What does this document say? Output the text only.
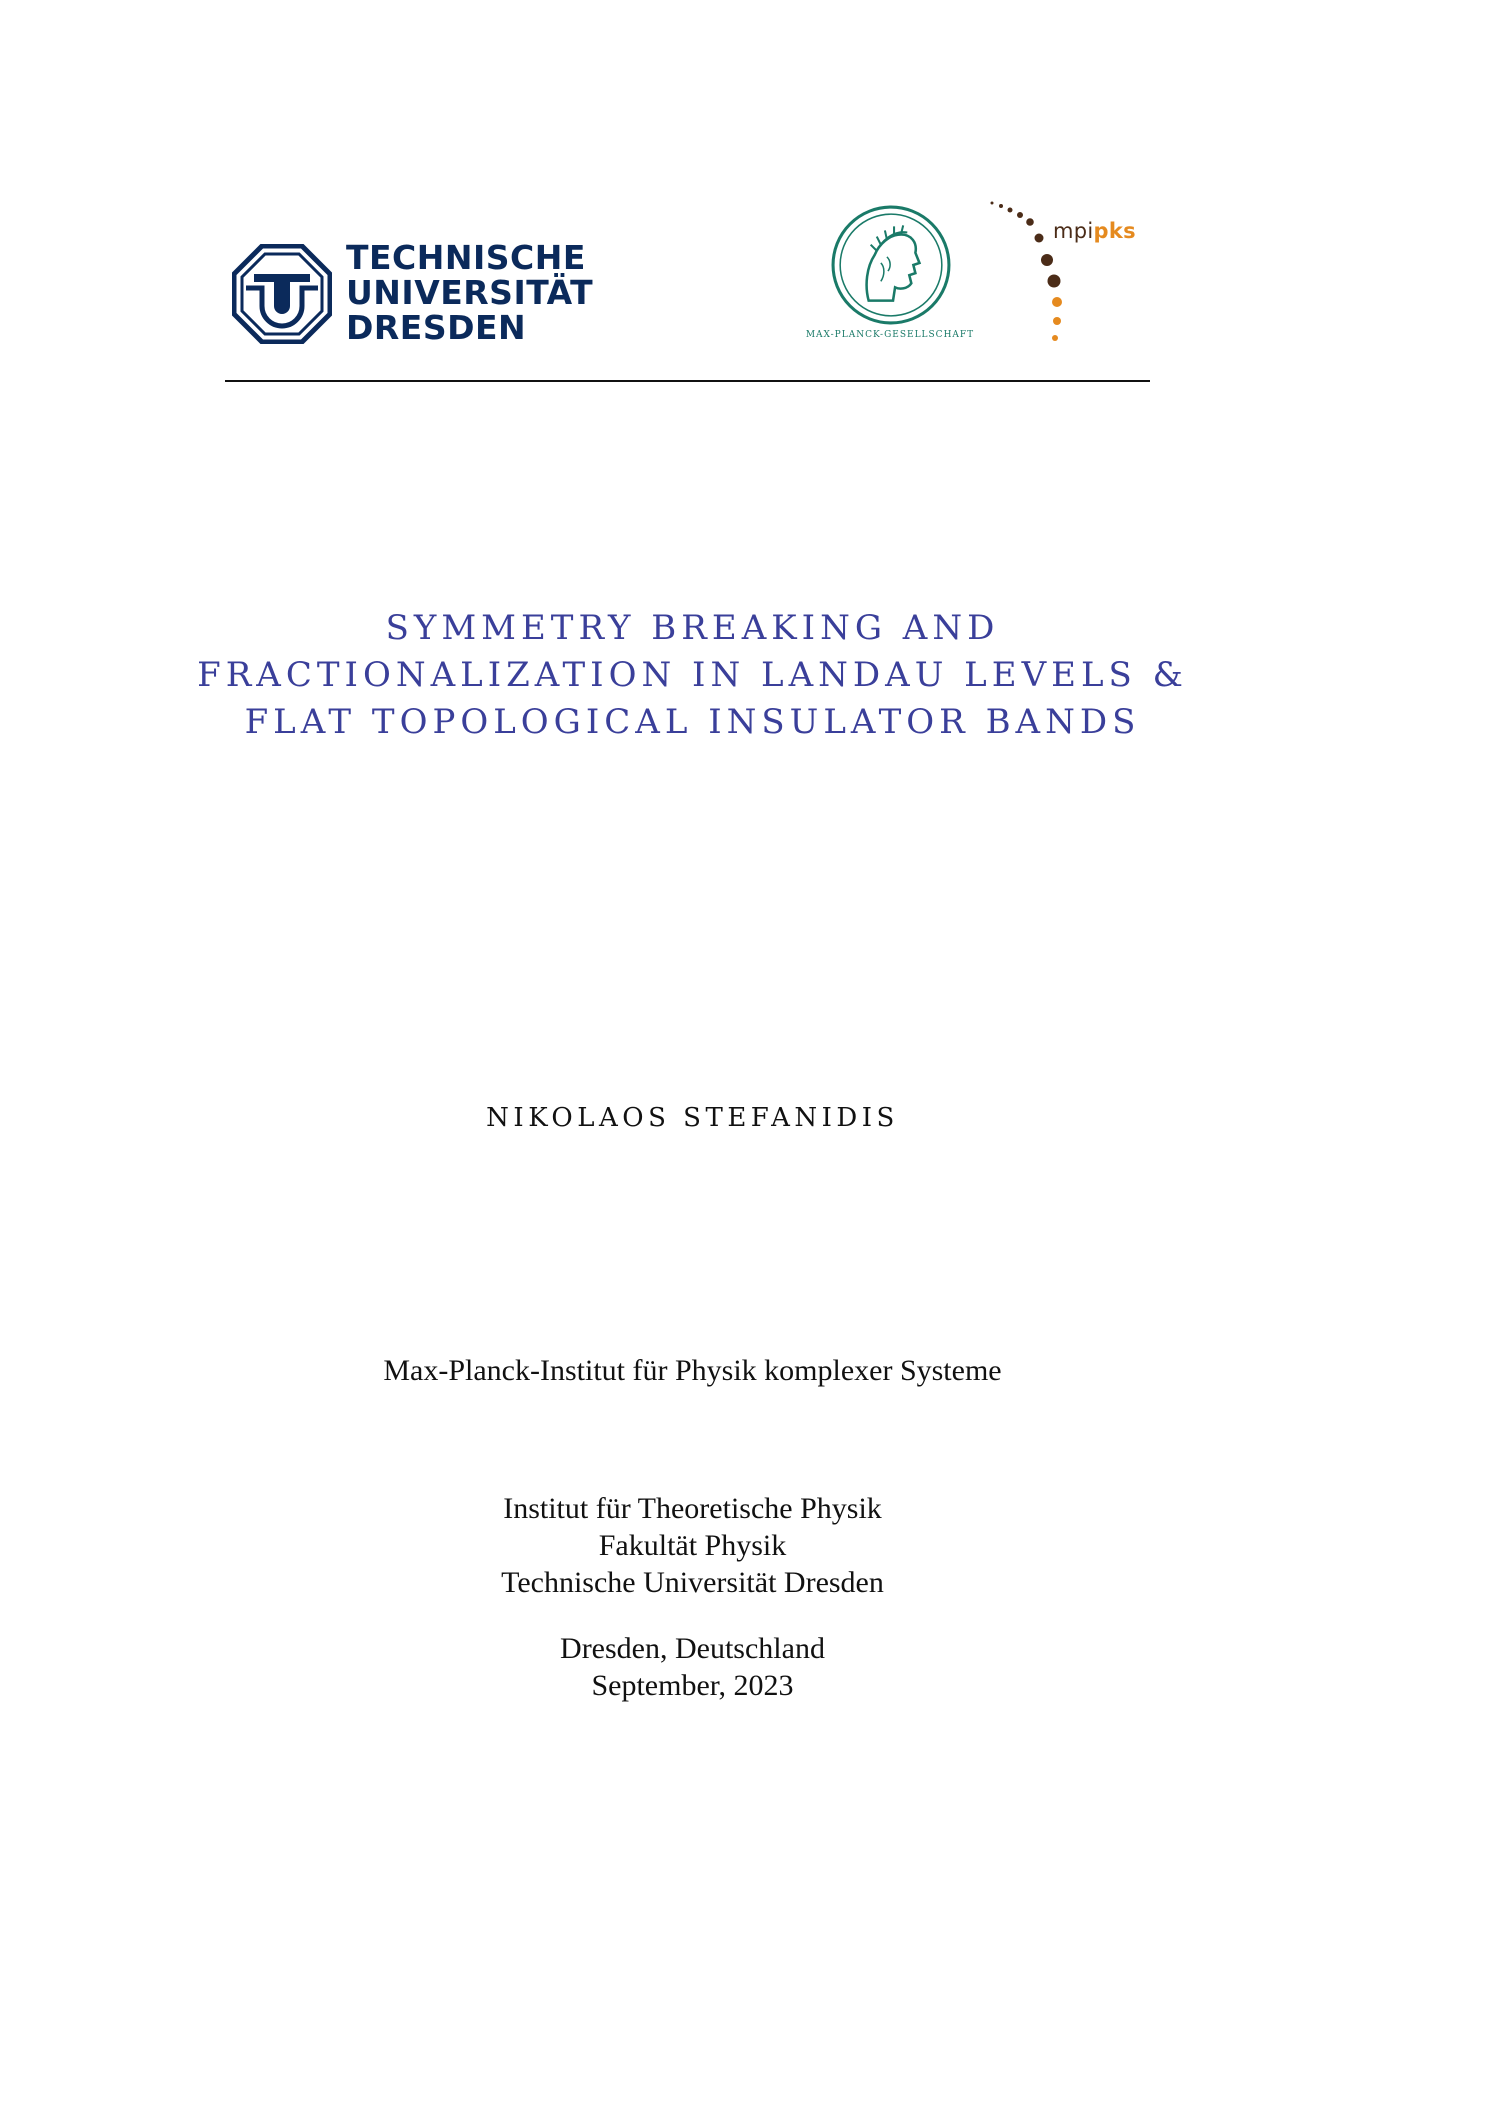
TECHNISCHE
UNIVERSITÄT
DRESDEN	MAX-PLANCK-GESELLSCHAFT
mpipks
SYMMETRY BREAKING AND
FRACTIONALIZATION IN LANDAU LEVELS &
FLAT TOPOLOGICAL INSULATOR BANDS
NIKOLAOS STEFANIDIS
Max-Planck-Institut für Physik komplexer Systeme
Institut für Theoretische Physik
Fakultät Physik
Technische Universität Dresden
Dresden, Deutschland
September, 2023
